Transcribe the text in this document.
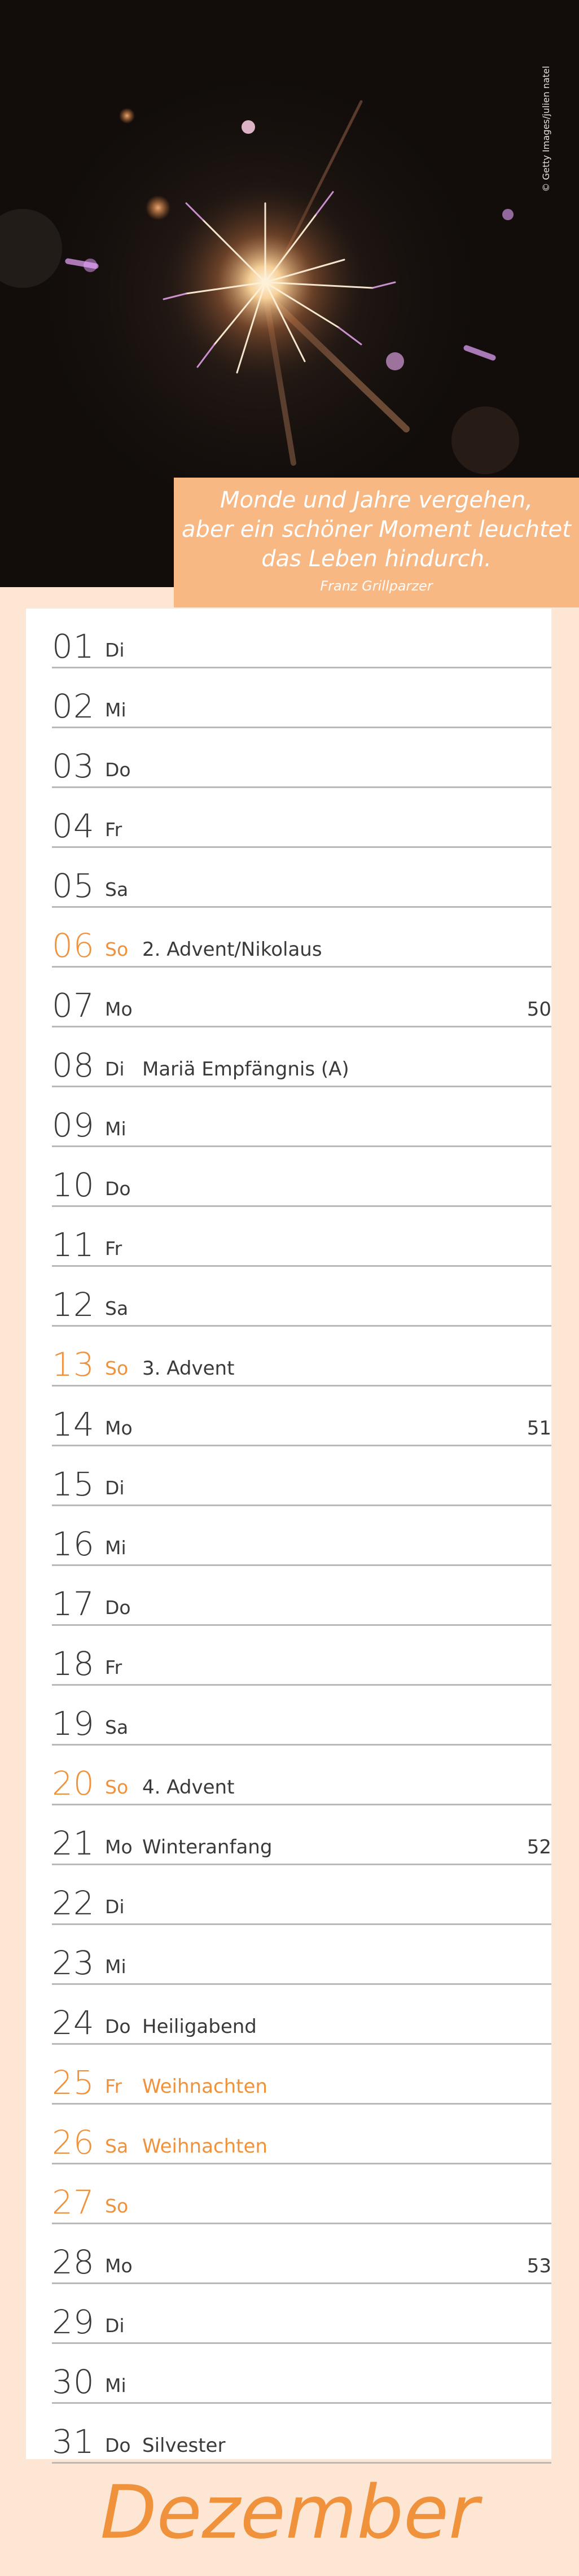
© Getty Images/julien natel
Monde und Jahre vergehen,
aber ein schöner Moment leuchtet
das Leben hindurch.
Franz Grillparzer
01 Di
02 Mi
03 Do
04 Fr
05 Sa
06 So 2. Advent/Nikolaus
07 Mo	50
08 Di Mariä Empfängnis (A)
09 Mi
10 Do
11 Fr
12 Sa
13 So 3. Advent
14 Mo	51
15 Di
16 Mi
17 Do
18 Fr
19 Sa
20 So 4. Advent
21 Mo Winteranfang	52
22 Di
23 Mi
24 Do Heiligabend
25 Fr Weihnachten
26 Sa Weihnachten
27 So
28 Mo	53
29 Di
30 Mi
31 Do Silvester
Dezember
